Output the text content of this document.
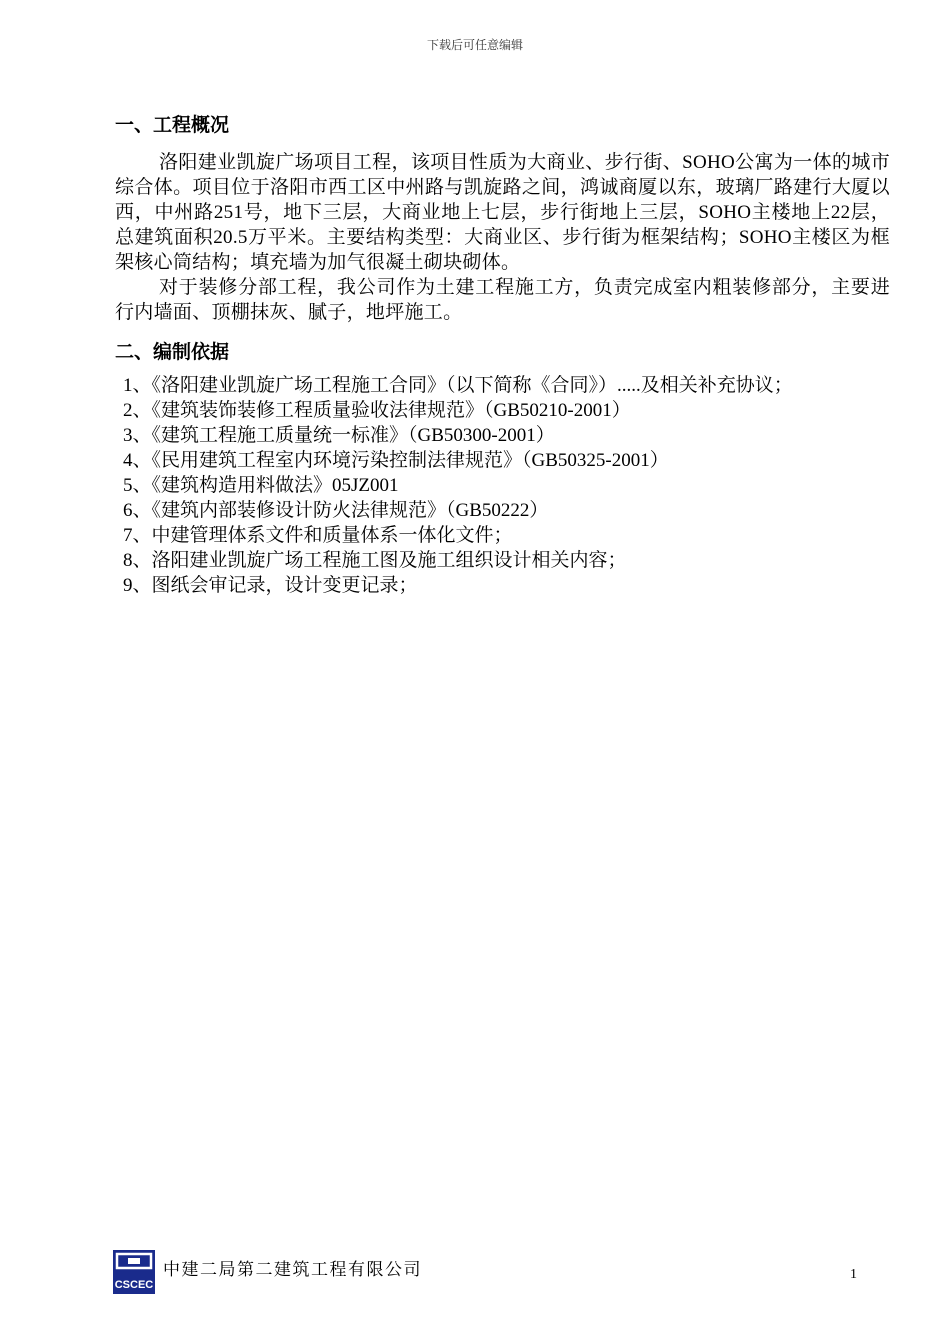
下载后可任意编辑
一、工程概况

洛阳建业凯旋广场项目工程，该项目性质为大商业、步行街、SOHO公寓为一体的城市综合体。项目位于洛阳市西工区中州路与凯旋路之间，鸿诚商厦以东，玻璃厂路建行大厦以西，中州路251号，地下三层，大商业地上七层，步行街地上三层，SOHO主楼地上22层，总建筑面积20.5万平米。主要结构类型：大商业区、步行街为框架结构；SOHO主楼区为框架核心筒结构；填充墙为加气很凝土砌块砌体。

对于装修分部工程，我公司作为土建工程施工方，负责完成室内粗装修部分，主要进行内墙面、顶棚抹灰、腻子，地坪施工。

二、编制依据
1、《洛阳建业凯旋广场工程施工合同》（以下简称《合同》）.....及相关补充协议；
2、《建筑装饰装修工程质量验收法律规范》（GB50210-2001）
3、《建筑工程施工质量统一标准》（GB50300-2001）
4、《民用建筑工程室内环境污染控制法律规范》（GB50325-2001）
5、《建筑构造用料做法》05JZ001
6、《建筑内部装修设计防火法律规范》（GB50222）
7、中建管理体系文件和质量体系一体化文件；
8、洛阳建业凯旋广场工程施工图及施工组织设计相关内容；
9、图纸会审记录，设计变更记录；
CSCEC
中建二局第二建筑工程有限公司	1
